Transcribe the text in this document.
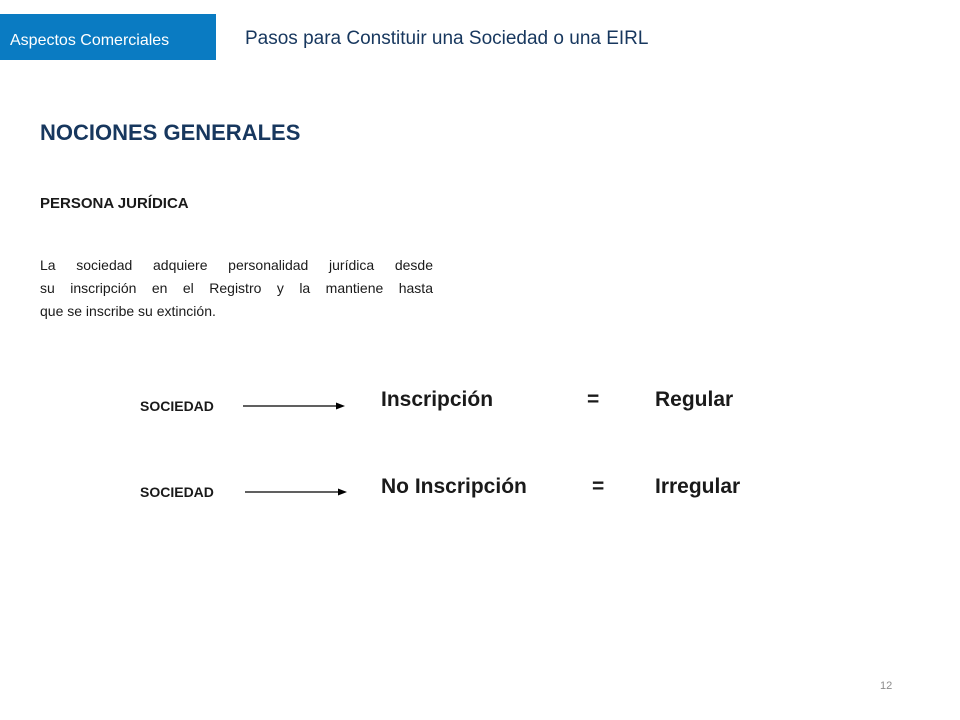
Aspectos Comerciales	Pasos para Constituir una Sociedad o una EIRL
NOCIONES GENERALES
PERSONA JURÍDICA
La sociedad adquiere personalidad jurídica desde
su inscripción en el Registro y la mantiene hasta
que se inscribe su extinción.
SOCIEDAD	Inscripción	=	Regular
SOCIEDAD	No Inscripción	= Irregular
12
